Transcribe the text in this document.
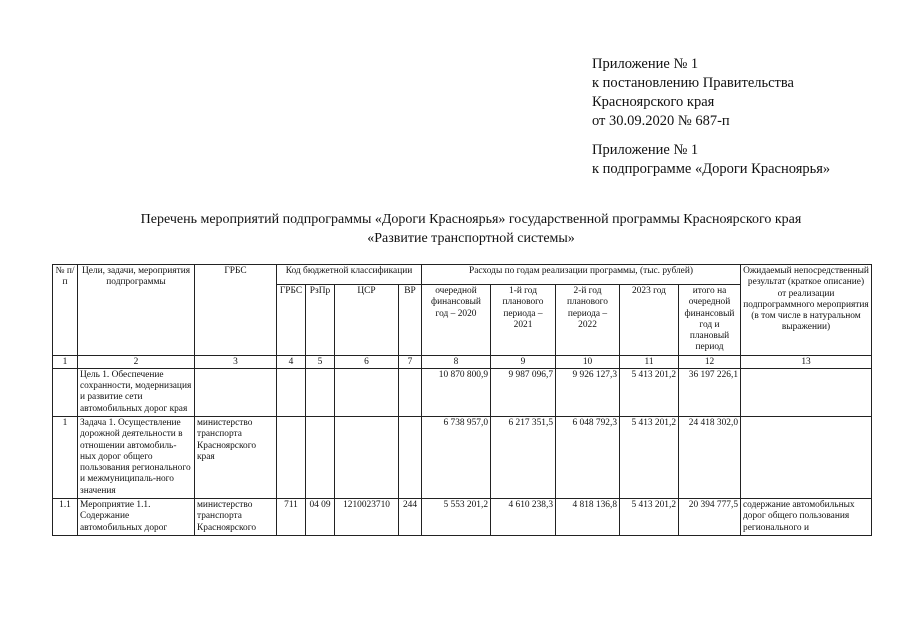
Приложение № 1
к постановлению Правительства
Красноярского края
от 30.09.2020 № 687-п
Приложение № 1
к подпрограмме «Дороги Красноярья»
Перечень мероприятий подпрограммы «Дороги Красноярья» государственной программы Красноярского края
«Развитие транспортной системы»
№ п/п	Цели, задачи, мероприятия подпрограммы	ГРБС	Код бюджетной классификации				Расходы по годам реализации программы, (тыс. рублей)					Ожидаемый непосредственный результат (краткое описание) от реализации подпрограммного мероприятия (в том числе в натуральном выражении)
			ГРБС	РзПр	ЦСР	ВР	очередной финансовый год – 2020	1-й год планового периода – 2021	2-й год планового периода – 2022	2023 год	итого на очередной финансовый год и плановый период	
1	2	3	4	5	6	7	8	9	10	11	12	13
	Цель 1. Обеспечение сохранности, модернизация и развитие сети автомобильных дорог края						10 870 800,9	9 987 096,7	9 926 127,3	5 413 201,2	36 197 226,1	
1	Задача 1. Осуществление дорожной деятельности в отношении автомобиль-ных дорог общего пользования регионального и межмуниципаль-ного значения	министерство транспорта Красноярского края					6 738 957,0	6 217 351,5	6 048 792,3	5 413 201,2	24 418 302,0	
1.1	Мероприятие 1.1. Содержание автомобильных дорог	министерство транспорта Красноярского	711	04 09	1210023710	244	5 553 201,2	4 610 238,3	4 818 136,8	5 413 201,2	20 394 777,5	содержание автомобильных дорог общего пользования регионального и
